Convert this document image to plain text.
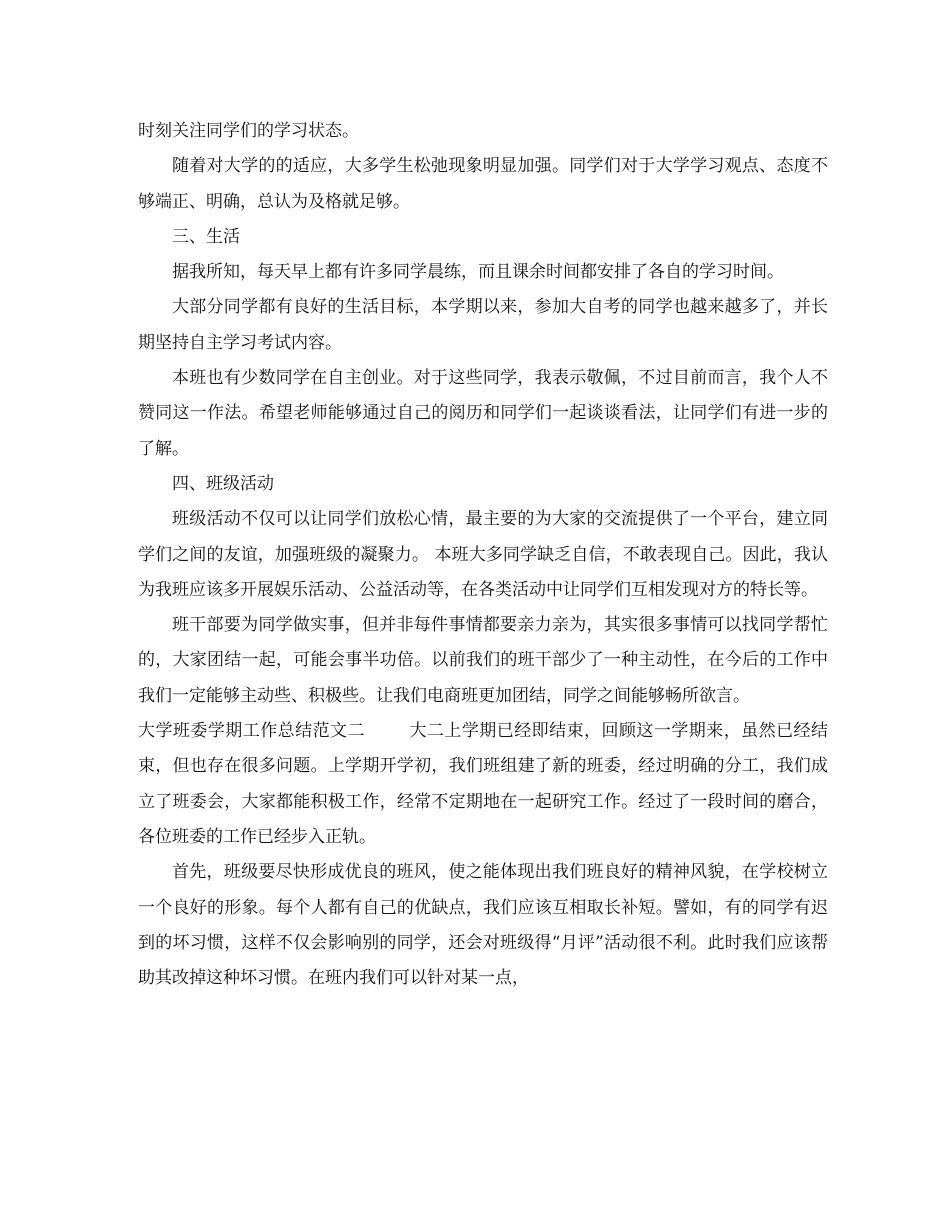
时刻关注同学们的学习状态。

随着对大学的的适应，大多学生松弛现象明显加强。同学们对于大学学习观点、态度不够端正、明确，总认为及格就足够。

三、生活

据我所知，每天早上都有许多同学晨练，而且课余时间都安排了各自的学习时间。

大部分同学都有良好的生活目标，本学期以来，参加大自考的同学也越来越多了，并长期坚持自主学习考试内容。

本班也有少数同学在自主创业。对于这些同学，我表示敬佩，不过目前而言，我个人不赞同这一作法。希望老师能够通过自己的阅历和同学们一起谈谈看法，让同学们有进一步的了解。

四、班级活动

班级活动不仅可以让同学们放松心情，最主要的为大家的交流提供了一个平台，建立同学们之间的友谊，加强班级的凝聚力。 本班大多同学缺乏自信，不敢表现自己。因此，我认为我班应该多开展娱乐活动、公益活动等，在各类活动中让同学们互相发现对方的特长等。

班干部要为同学做实事，但并非每件事情都要亲力亲为，其实很多事情可以找同学帮忙的，大家团结一起，可能会事半功倍。以前我们的班干部少了一种主动性，在今后的工作中我们一定能够主动些、积极些。让我们电商班更加团结，同学之间能够畅所欲言。

大学班委学期工作总结范文二	大二上学期已经即结束，回顾这一学期来，虽然已经结束，但也存在很多问题。上学期开学初，我们班组建了新的班委，经过明确的分工，我们成立了班委会，大家都能积极工作，经常不定期地在一起研究工作。经过了一段时间的磨合，各位班委的工作已经步入正轨。

首先，班级要尽快形成优良的班风，使之能体现出我们班良好的精神风貌，在学校树立一个良好的形象。每个人都有自己的优缺点，我们应该互相取长补短。譬如，有的同学有迟到的坏习惯，这样不仅会影响别的同学，还会对班级得“月评”活动很不利。此时我们应该帮助其改掉这种坏习惯。在班内我们可以针对某一点，
